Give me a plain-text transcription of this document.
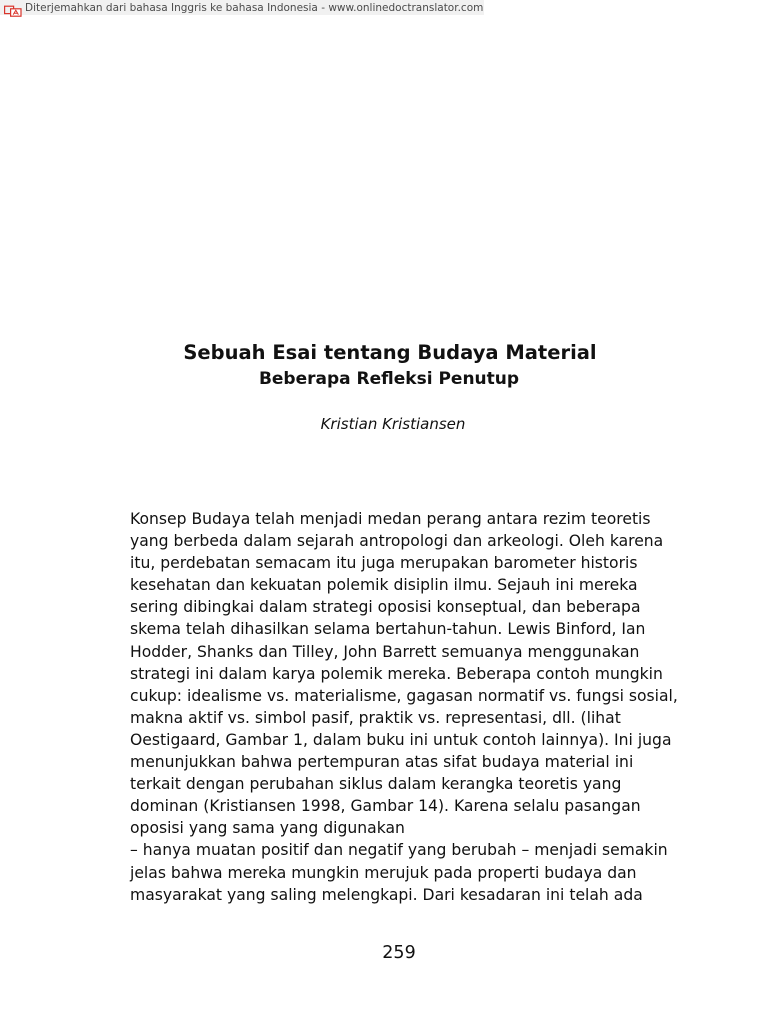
Diterjemahkan dari bahasa Inggris ke bahasa Indonesia - www.onlinedoctranslator.com
Sebuah Esai tentang Budaya Material
Beberapa Refleksi Penutup
Kristian Kristiansen
Konsep Budaya telah menjadi medan perang antara rezim teoretis
yang berbeda dalam sejarah antropologi dan arkeologi. Oleh karena
itu, perdebatan semacam itu juga merupakan barometer historis
kesehatan dan kekuatan polemik disiplin ilmu. Sejauh ini mereka
sering dibingkai dalam strategi oposisi konseptual, dan beberapa
skema telah dihasilkan selama bertahun-tahun. Lewis Binford, Ian
Hodder, Shanks dan Tilley, John Barrett semuanya menggunakan
strategi ini dalam karya polemik mereka. Beberapa contoh mungkin
cukup: idealisme vs. materialisme, gagasan normatif vs. fungsi sosial,
makna aktif vs. simbol pasif, praktik vs. representasi, dll. (lihat
Oestigaard, Gambar 1, dalam buku ini untuk contoh lainnya). Ini juga
menunjukkan bahwa pertempuran atas sifat budaya material ini
terkait dengan perubahan siklus dalam kerangka teoretis yang
dominan (Kristiansen 1998, Gambar 14). Karena selalu pasangan
oposisi yang sama yang digunakan
– hanya muatan positif dan negatif yang berubah – menjadi semakin
jelas bahwa mereka mungkin merujuk pada properti budaya dan
masyarakat yang saling melengkapi. Dari kesadaran ini telah ada
259
